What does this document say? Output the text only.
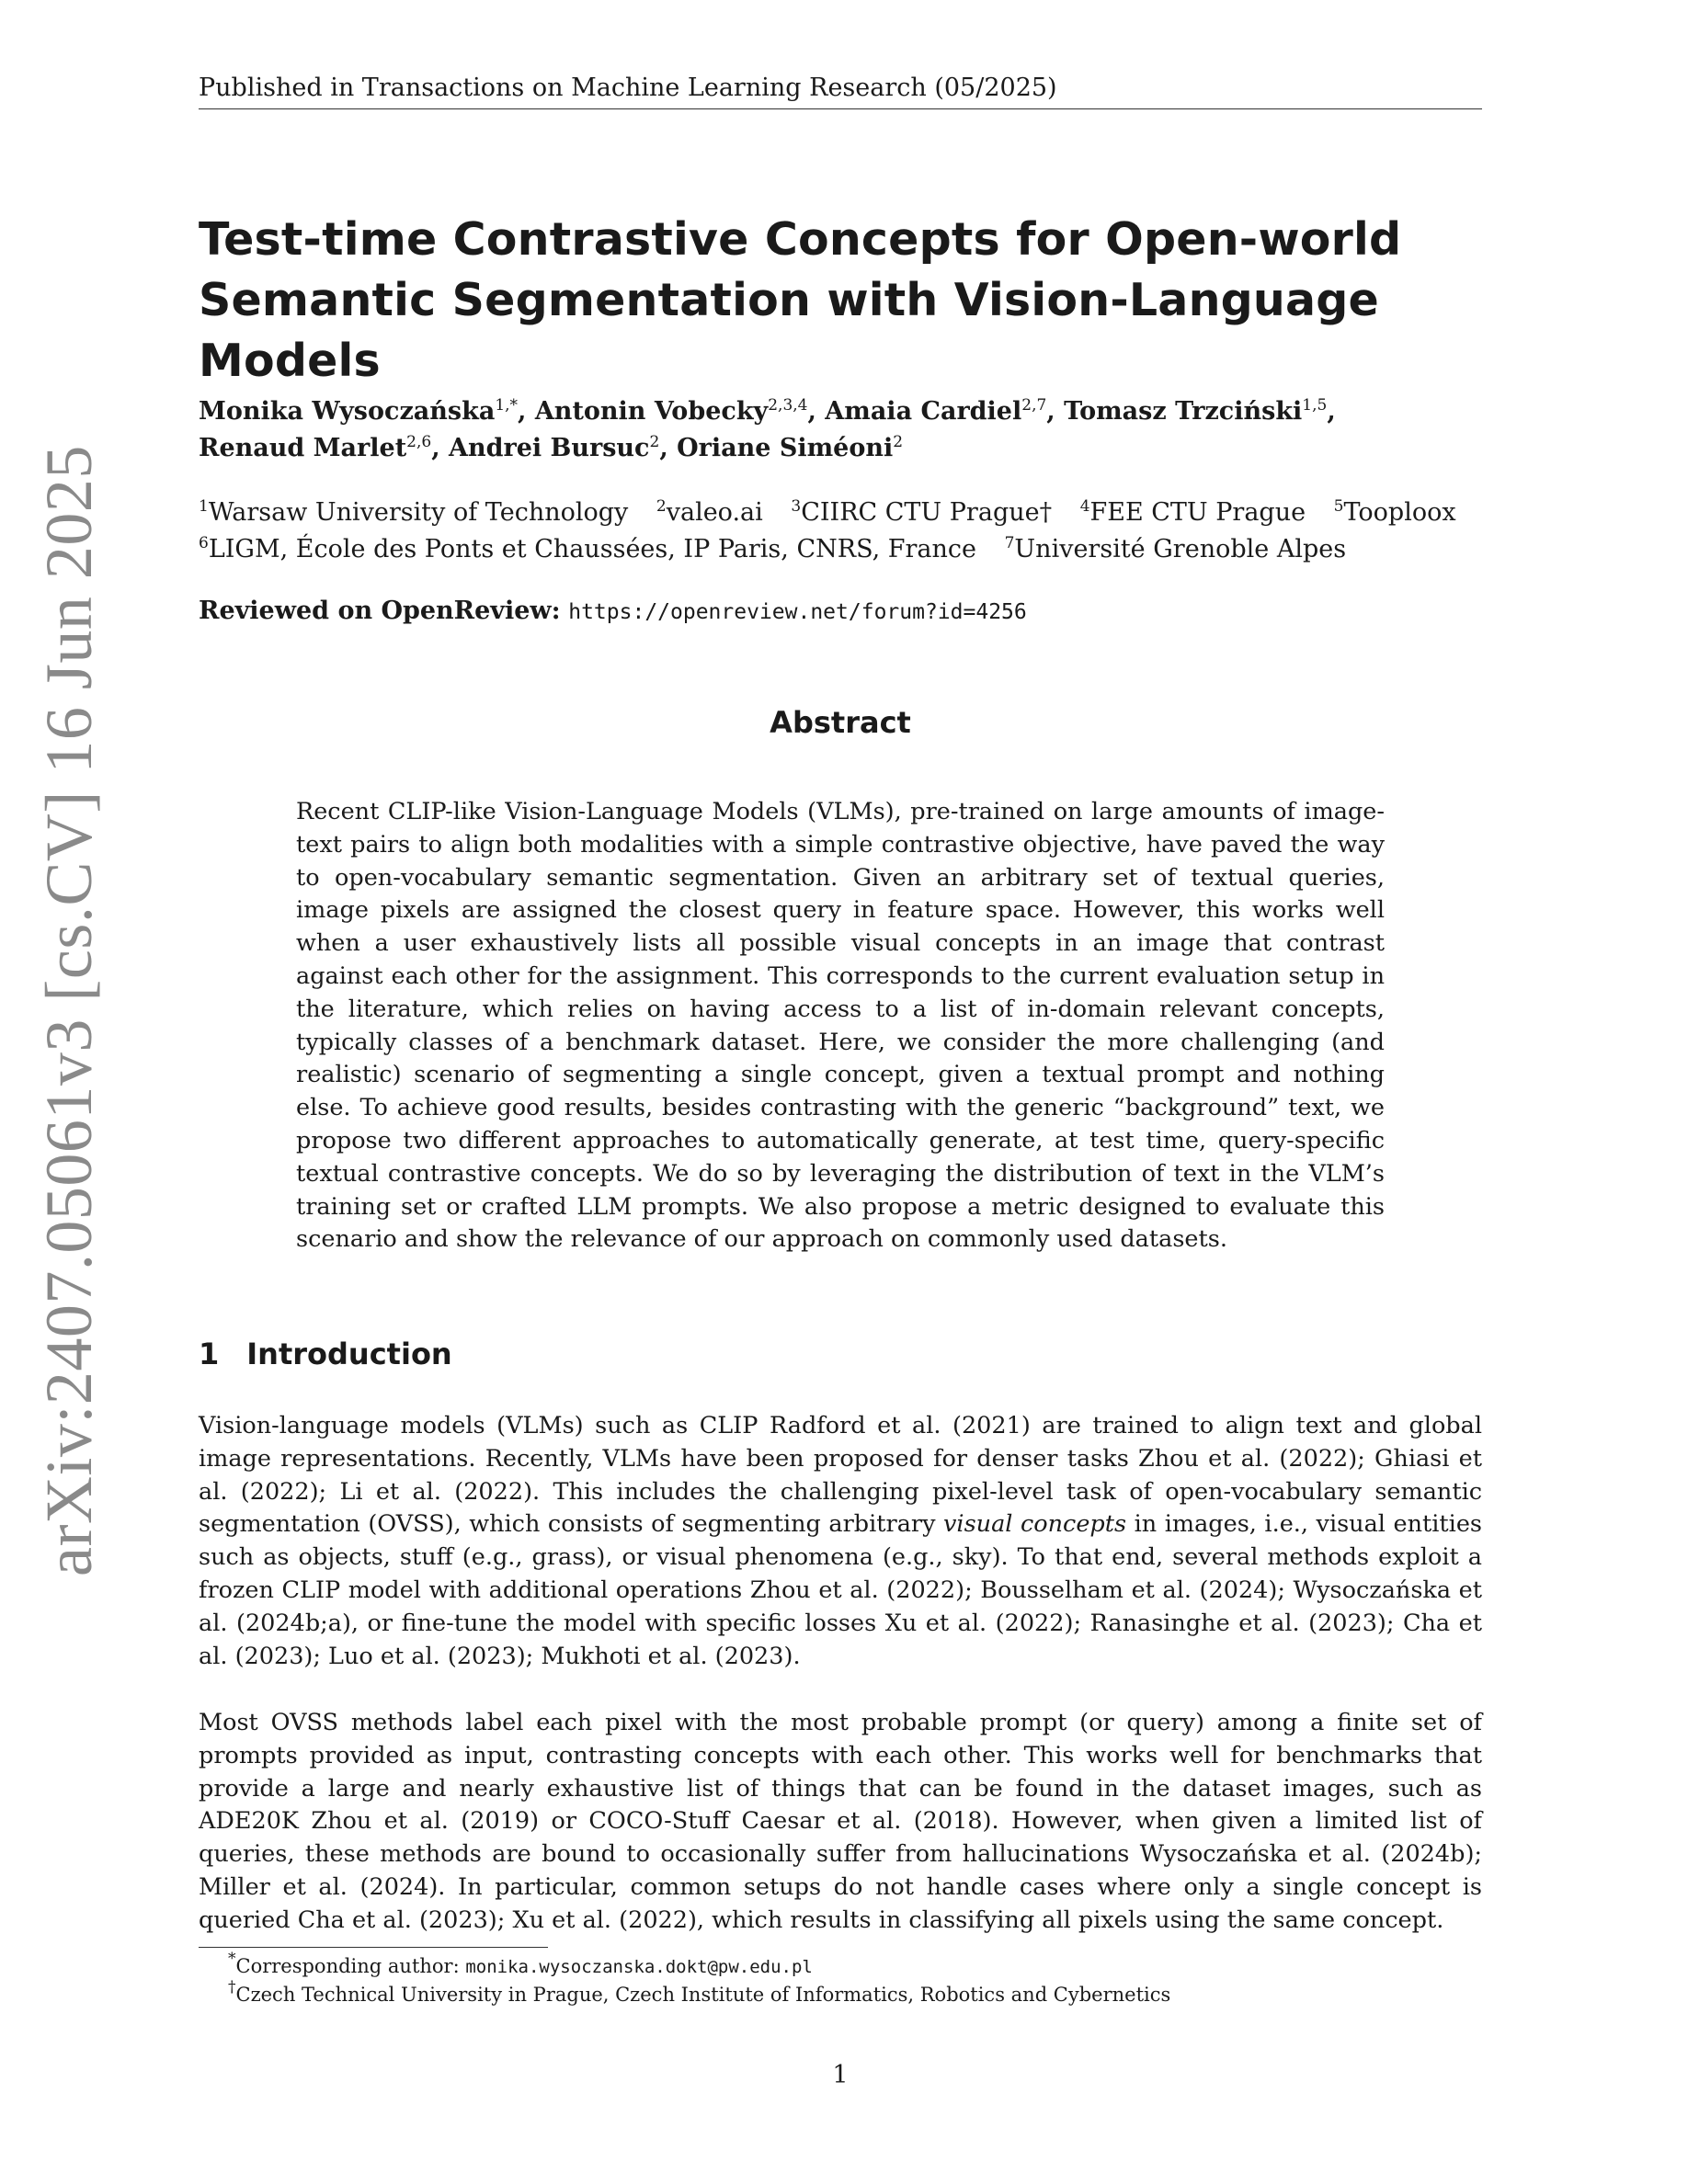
arXiv:2407.05061v3 [cs.CV] 16 Jun 2025
Published in Transactions on Machine Learning Research (05/2025)
Test-time Contrastive Concepts for Open-world Semantic Segmentation with Vision-Language Models
Monika Wysoczańska$^{1,*}$, Antonin Vobecky$^{2,3,4}$, Amaia Cardiel$^{2,7}$, Tomasz Trzciński$^{1,5}$,
Renaud Marlet$^{2,6}$, Andrei Bursuc$^2$, Oriane Siméoni$^2$
$^1$Warsaw University of Technology $^2$valeo.ai $^3$CIIRC CTU Prague† $^4$FEE CTU Prague $^5$Tooploox
$^6$LIGM, École des Ponts et Chaussées, IP Paris, CNRS, France $^7$Université Grenoble Alpes
Reviewed on OpenReview: https://openreview.net/forum?id=4256
Abstract

Recent CLIP-like Vision-Language Models (VLMs), pre-trained on large amounts of image-text pairs to align both modalities with a simple contrastive objective, have paved the way to open-vocabulary semantic segmentation. Given an arbitrary set of textual queries, image pixels are assigned the closest query in feature space. However, this works well when a user exhaustively lists all possible visual concepts in an image that contrast against each other for the assignment. This corresponds to the current evaluation setup in the literature, which relies on having access to a list of in-domain relevant concepts, typically classes of a benchmark dataset. Here, we consider the more challenging (and realistic) scenario of segmenting a single concept, given a textual prompt and nothing else. To achieve good results, besides contrasting with the generic “background” text, we propose two different approaches to automatically generate, at test time, query-specific textual contrastive concepts. We do so by leveraging the distribution of text in the VLM’s training set or crafted LLM prompts. We also propose a metric designed to evaluate this scenario and show the relevance of our approach on commonly used datasets.

1 Introduction

Vision-language models (VLMs) such as CLIP Radford et al. (2021) are trained to align text and global image representations. Recently, VLMs have been proposed for denser tasks Zhou et al. (2022); Ghiasi et al. (2022); Li et al. (2022). This includes the challenging pixel-level task of open-vocabulary semantic segmentation (OVSS), which consists of segmenting arbitrary visual concepts in images, i.e., visual entities such as objects, stuff (e.g., grass), or visual phenomena (e.g., sky). To that end, several methods exploit a frozen CLIP model with additional operations Zhou et al. (2022); Bousselham et al. (2024); Wysoczańska et al. (2024b;a), or fine-tune the model with specific losses Xu et al. (2022); Ranasinghe et al. (2023); Cha et al. (2023); Luo et al. (2023); Mukhoti et al. (2023).

Most OVSS methods label each pixel with the most probable prompt (or query) among a finite set of prompts provided as input, contrasting concepts with each other. This works well for benchmarks that provide a large and nearly exhaustive list of things that can be found in the dataset images, such as ADE20K Zhou et al. (2019) or COCO-Stuff Caesar et al. (2018). However, when given a limited list of queries, these methods are bound to occasionally suffer from hallucinations Wysoczańska et al. (2024b); Miller et al. (2024). In particular, common setups do not handle cases where only a single concept is queried Cha et al. (2023); Xu et al. (2022), which results in classifying all pixels using the same concept.

*Corresponding author: monika.wysoczanska.dokt@pw.edu.pl
†Czech Technical University in Prague, Czech Institute of Informatics, Robotics and Cybernetics
1
